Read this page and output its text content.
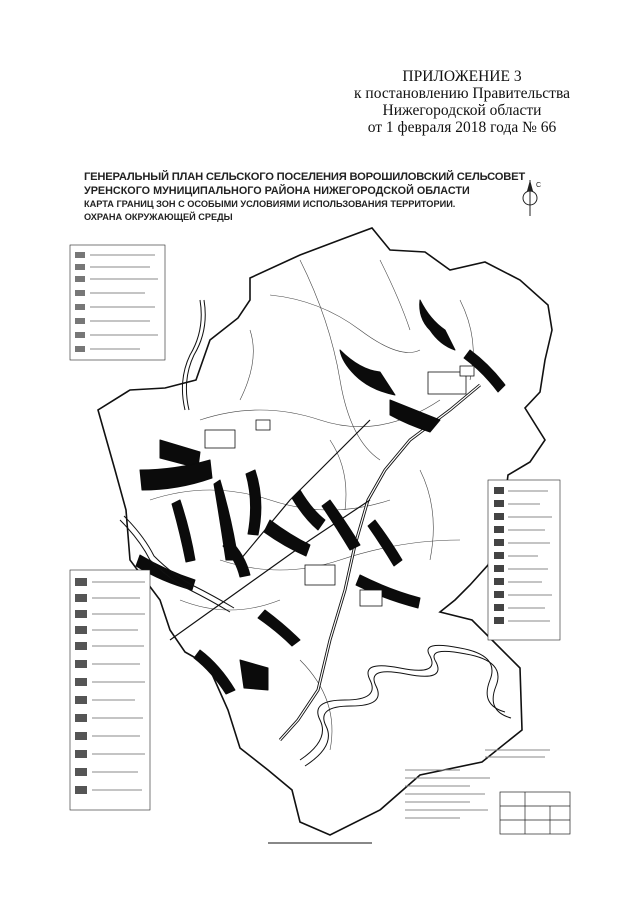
ПРИЛОЖЕНИЕ 3
к постановлению Правительства
Нижегородской области
от 1 февраля 2018 года № 66
ГЕНЕРАЛЬНЫЙ ПЛАН СЕЛЬСКОГО ПОСЕЛЕНИЯ ВОРОШИЛОВСКИЙ СЕЛЬСОВЕТ
УРЕНСКОГО МУНИЦИПАЛЬНОГО РАЙОНА НИЖЕГОРОДСКОЙ ОБЛАСТИ
КАРТА ГРАНИЦ ЗОН С ОСОБЫМИ УСЛОВИЯМИ ИСПОЛЬЗОВАНИЯ ТЕРРИТОРИИ.
ОХРАНА ОКРУЖАЮЩЕЙ СРЕДЫ
С
